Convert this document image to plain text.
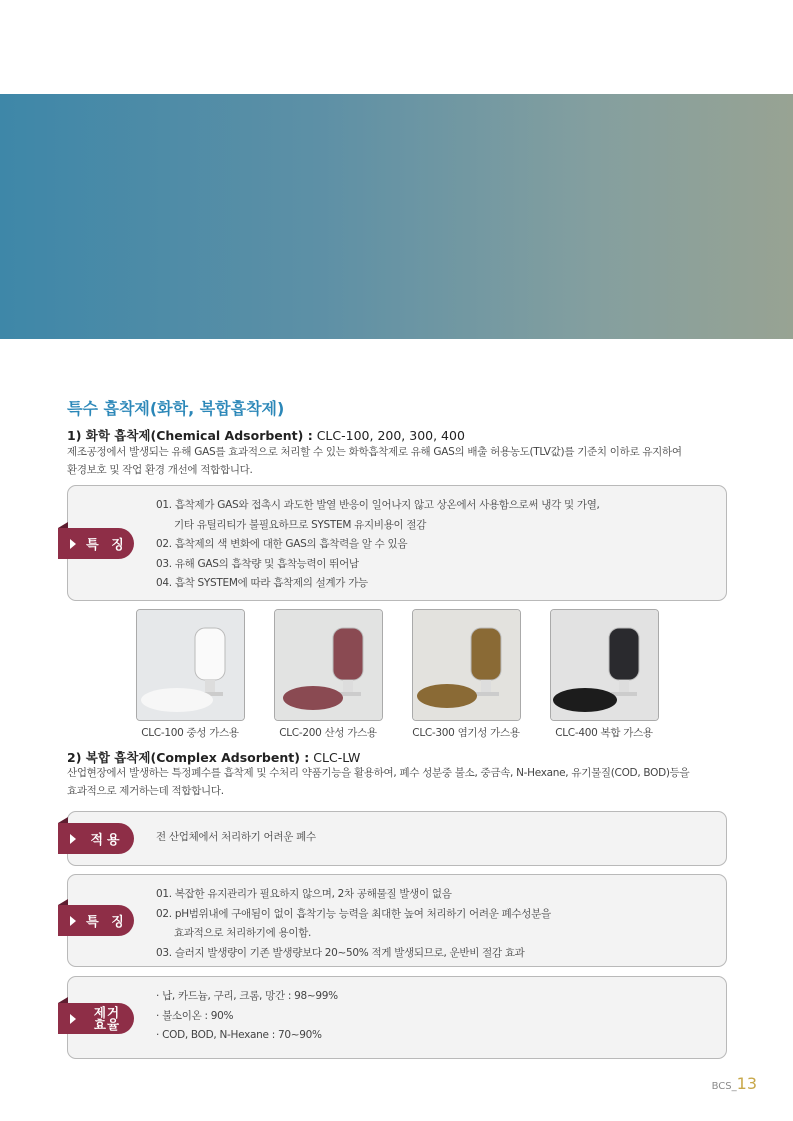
BCS Carbon
Science
특수 흡착제(화학, 복합흡착제)
1) 화학 흡착제(Chemical Adsorbent) : CLC-100, 200, 300, 400
제조공정에서 발생되는 유해 GAS를 효과적으로 처리할 수 있는 화학흡착제로 유해 GAS의 배출 허용농도(TLV값)를 기준치 이하로 유지하여
환경보호 및 작업 환경 개선에 적합합니다.
특 징
01. 흡착제가 GAS와 접촉시 과도한 발열 반응이 일어나지 않고 상온에서 사용함으로써 냉각 및 가열,
기타 유틸리티가 불필요하므로 SYSTEM 유지비용이 절감
02. 흡착제의 색 변화에 대한 GAS의 흡착력을 알 수 있음
03. 유해 GAS의 흡착량 및 흡착능력이 뛰어남
04. 흡착 SYSTEM에 따라 흡착제의 설계가 가능
CLC-100 중성 가스용	CLC-200 산성 가스용	CLC-300 염기성 가스용	CLC-400 복합 가스용
2) 복합 흡착제(Complex Adsorbent) : CLC-LW
산업현장에서 발생하는 특정폐수를 흡착제 및 수처리 약품기능을 활용하여, 폐수 성분중 불소, 중금속, N-Hexane, 유기물질(COD, BOD)등을
효과적으로 제거하는데 적합합니다.
적용	전 산업체에서 처리하기 어려운 폐수
특 징
01. 복잡한 유지관리가 필요하지 않으며, 2차 공해물질 발생이 없음
02. pH범위내에 구애됨이 없이 흡착기능 능력을 최대한 높여 처리하기 어려운 폐수성분을
효과적으로 처리하기에 용이함.
03. 슬러지 발생량이 기존 발생량보다 20~50% 적게 발생되므로, 운반비 절감 효과
제거
효율
· 납, 카드늄, 구리, 크롬, 망간 : 98~99%
· 불소이온 : 90%
· COD, BOD, N-Hexane : 70~90%
BCS_13
